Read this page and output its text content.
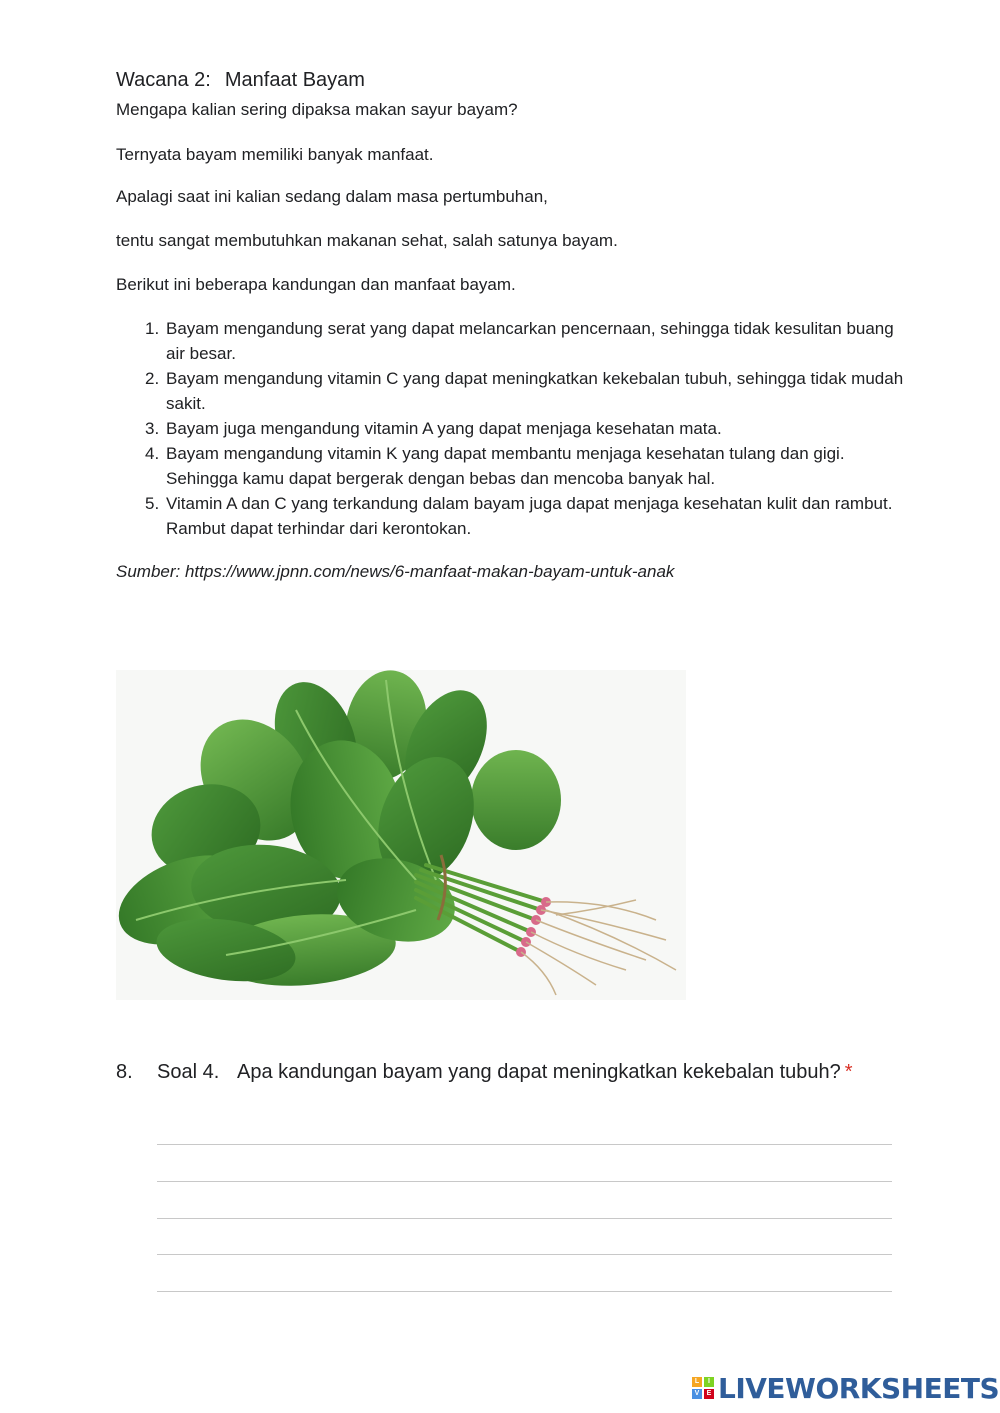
Wacana 2: Manfaat Bayam
Mengapa kalian sering dipaksa makan sayur bayam?
Ternyata bayam memiliki banyak manfaat.
Apalagi saat ini kalian sedang dalam masa pertumbuhan,
tentu sangat membutuhkan makanan sehat, salah satunya bayam.
Berikut ini beberapa kandungan dan manfaat bayam.
1. Bayam mengandung serat yang dapat melancarkan pencernaan, sehingga tidak kesulitan buang air besar.
2. Bayam mengandung vitamin C yang dapat meningkatkan kekebalan tubuh, sehingga tidak mudah sakit.
3. Bayam juga mengandung vitamin A yang dapat menjaga kesehatan mata.
4. Bayam mengandung vitamin K yang dapat membantu menjaga kesehatan tulang dan gigi. Sehingga kamu dapat bergerak dengan bebas dan mencoba banyak hal.
5. Vitamin A dan C yang terkandung dalam bayam juga dapat menjaga kesehatan kulit dan rambut. Rambut dapat terhindar dari kerontokan.
Sumber: https://www.jpnn.com/news/6-manfaat-makan-bayam-untuk-anak
8. Soal 4. Apa kandungan bayam yang dapat meningkatkan kekebalan tubuh? *
L	I
V	E LIVEWORKSHEETS
